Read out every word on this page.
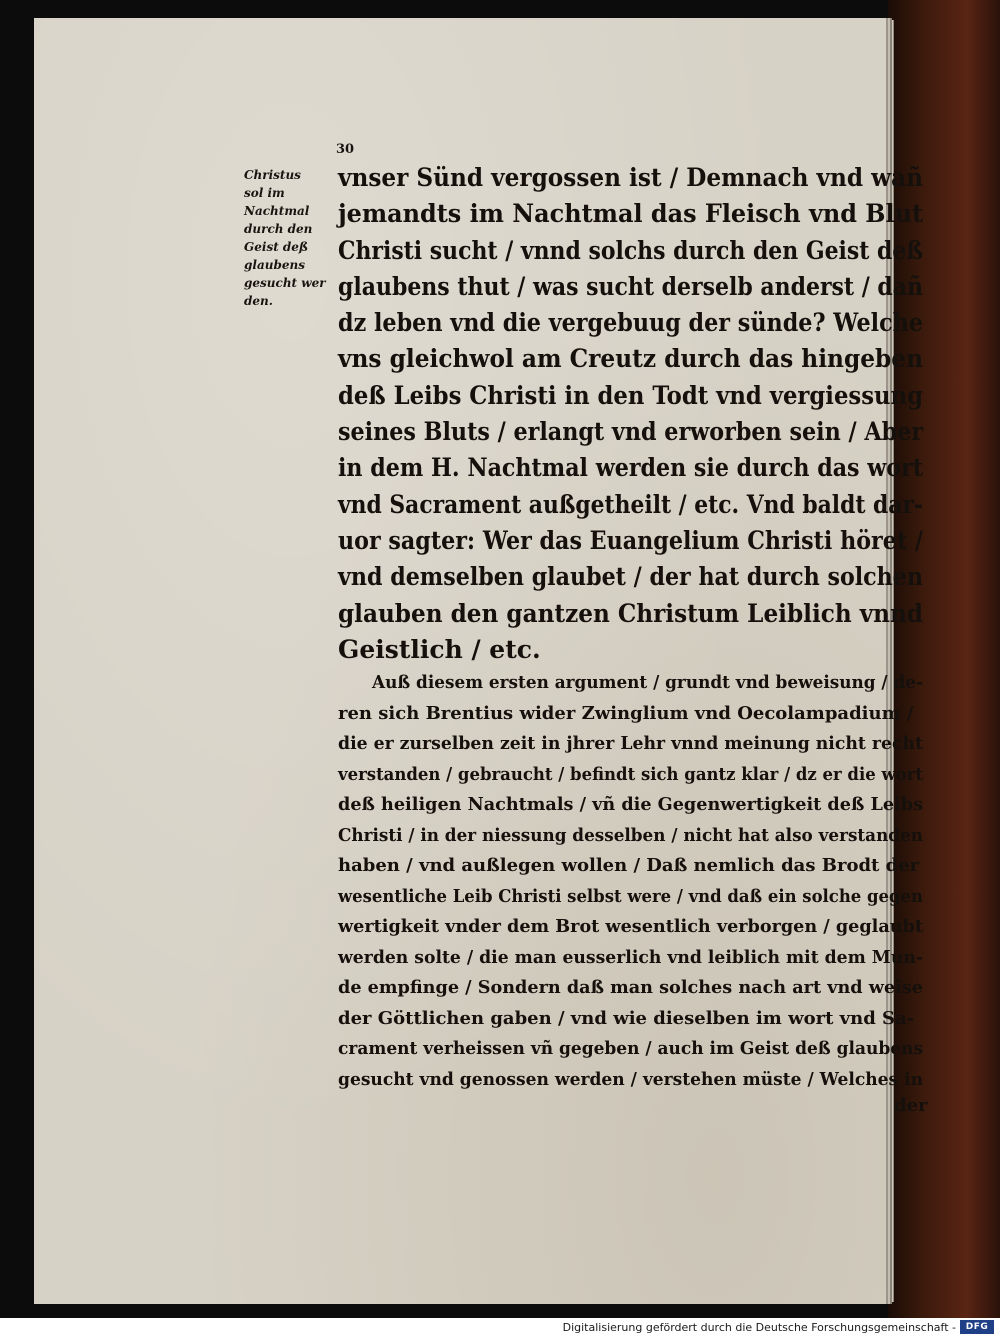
30

Christus
sol im
Nachtmal
durch den
Geist deß
glaubens
gesucht wer
den.
vnser Sünd vergossen ist / Demnach vnd wañ
jemandts im Nachtmal das Fleisch vnd Blut
Christi sucht / vnnd solchs durch den Geist deß
glaubens thut / was sucht derselb anderst / dañ
dz leben vnd die vergebuug der sünde? Welche
vns gleichwol am Creutz durch das hingeben
deß Leibs Christi in den Todt vnd vergiessung
seines Bluts / erlangt vnd erworben sein / Aber
in dem H. Nachtmal werden sie durch das wort
vnd Sacrament außgetheilt / etc. Vnd baldt dar-
uor sagter: Wer das Euangelium Christi höret /
vnd demselben glaubet / der hat durch solchen
glauben den gantzen Christum Leiblich vnnd
Geistlich / etc.
Auß diesem ersten argument / grundt vnd beweisung / de-
ren sich Brentius wider Zwinglium vnd Oecolampadium /
die er zurselben zeit in jhrer Lehr vnnd meinung nicht recht
verstanden / gebraucht / befindt sich gantz klar / dz er die wort
deß heiligen Nachtmals / vñ die Gegenwertigkeit deß Leibs
Christi / in der niessung desselben / nicht hat also verstanden
haben / vnd außlegen wollen / Daß nemlich das Brodt der
wesentliche Leib Christi selbst were / vnd daß ein solche gegen
wertigkeit vnder dem Brot wesentlich verborgen / geglaubt
werden solte / die man eusserlich vnd leiblich mit dem Mun-
de empfinge / Sondern daß man solches nach art vnd weise
der Göttlichen gaben / vnd wie dieselben im wort vnd Sa-
crament verheissen vñ gegeben / auch im Geist deß glaubens
gesucht vnd genossen werden / verstehen müste / Welches in

der

Digitalisierung gefördert durch die Deutsche Forschungsgemeinschaft -	DFG
